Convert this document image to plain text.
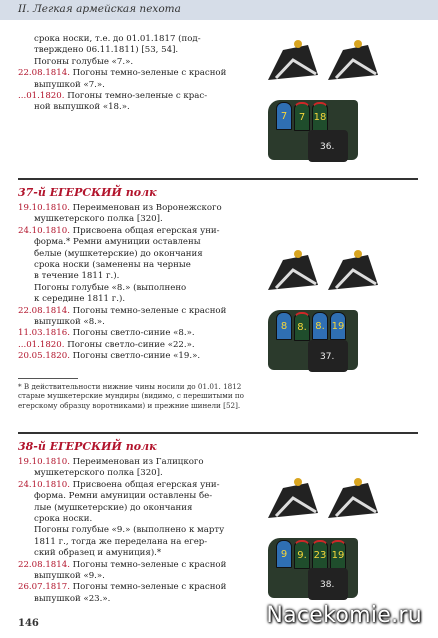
II. Легкая армейская пехота

срока носки, т.е. до 01.01.1817 (под-

тверждено 06.11.1811) [53, 54].

Погоны голубые «7.».

22.08.1814. Погоны темно-зеленые с красной

выпушкой «7.».

...01.1820. Погоны темно-зеленые с крас-

ной выпушкой «18.».

37-й ЕГЕРСКИЙ полк

19.10.1810. Переименован из Воронежского

мушкетерского полка [320].

24.10.1810. Присвоена общая егерская уни-

форма.* Ремни амуниции оставлены

белые (мушкетерские) до окончания

срока носки (заменены на черные

в течение 1811 г.).

Погоны голубые «8.» (выполнено

к середине 1811 г.).

22.08.1814. Погоны темно-зеленые с красной

выпушкой «8.».

11.03.1816. Погоны светло-синие «8.».

...01.1820. Погоны светло-синие «22.».

20.05.1820. Погоны светло-синие «19.».

* В действительности нижние чины носили до 01.01. 1812 старые мушкетерские мундиры (видимо, с перешитыми по егерскому образцу воротниками) и прежние шинели [52].
38-й ЕГЕРСКИЙ полк

19.10.1810. Переименован из Галицкого

мушкетерского полка [320].

24.10.1810. Присвоена общая егерская уни-

форма. Ремни амуниции оставлены бе-

лые (мушкетерские) до окончания

срока носки.

Погоны голубые «9.» (выполнено к марту

1811 г., тогда же переделана на егер-

ский образец и амуниция).*

22.08.1814. Погоны темно-зеленые с красной

выпушкой «9.».

26.07.1817. Погоны темно-зеленые с красной

выпушкой «23.».

7	7 18
36.
8	8. 8. 19
37.
9	9. 23 19
38.
146	Nacekomie.ru
